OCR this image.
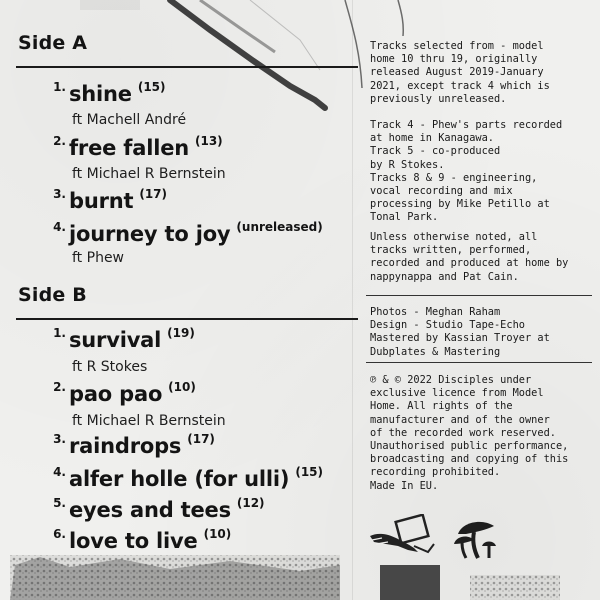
Side A
1. shine $^{(15)}$
ft Machell André
2. free fallen $^{(13)}$
ft Michael R Bernstein
3. burnt $^{(17)}$
4. journey to joy $^{(unreleased)}$
ft Phew
Side B
1. survival $^{(19)}$
ft R Stokes
2. pao pao $^{(10)}$
ft Michael R Bernstein
3. raindrops $^{(17)}$
4. alfer holle (for ulli) $^{(15)}$
5. eyes and tees $^{(12)}$
6. love to live $^{(10)}$
Tracks selected from - model
home 10 thru 19, originally
released August 2019-January
2021, except track 4 which is
previously unreleased.
Track 4 - Phew's parts recorded
at home in Kanagawa.
Track 5 - co-produced
by R Stokes.
Tracks 8 & 9 - engineering,
vocal recording and mix
processing by Mike Petillo at
Tonal Park.
Unless otherwise noted, all
tracks written, performed,
recorded and produced at home by
nappynappa and Pat Cain.
Photos - Meghan Raham
Design - Studio Tape-Echo
Mastered by Kassian Troyer at
Dubplates & Mastering
℗ & © 2022 Disciples under
exclusive licence from Model
Home. All rights of the
manufacturer and of the owner
of the recorded work reserved.
Unauthorised public performance,
broadcasting and copying of this
recording prohibited.
Made In EU.
